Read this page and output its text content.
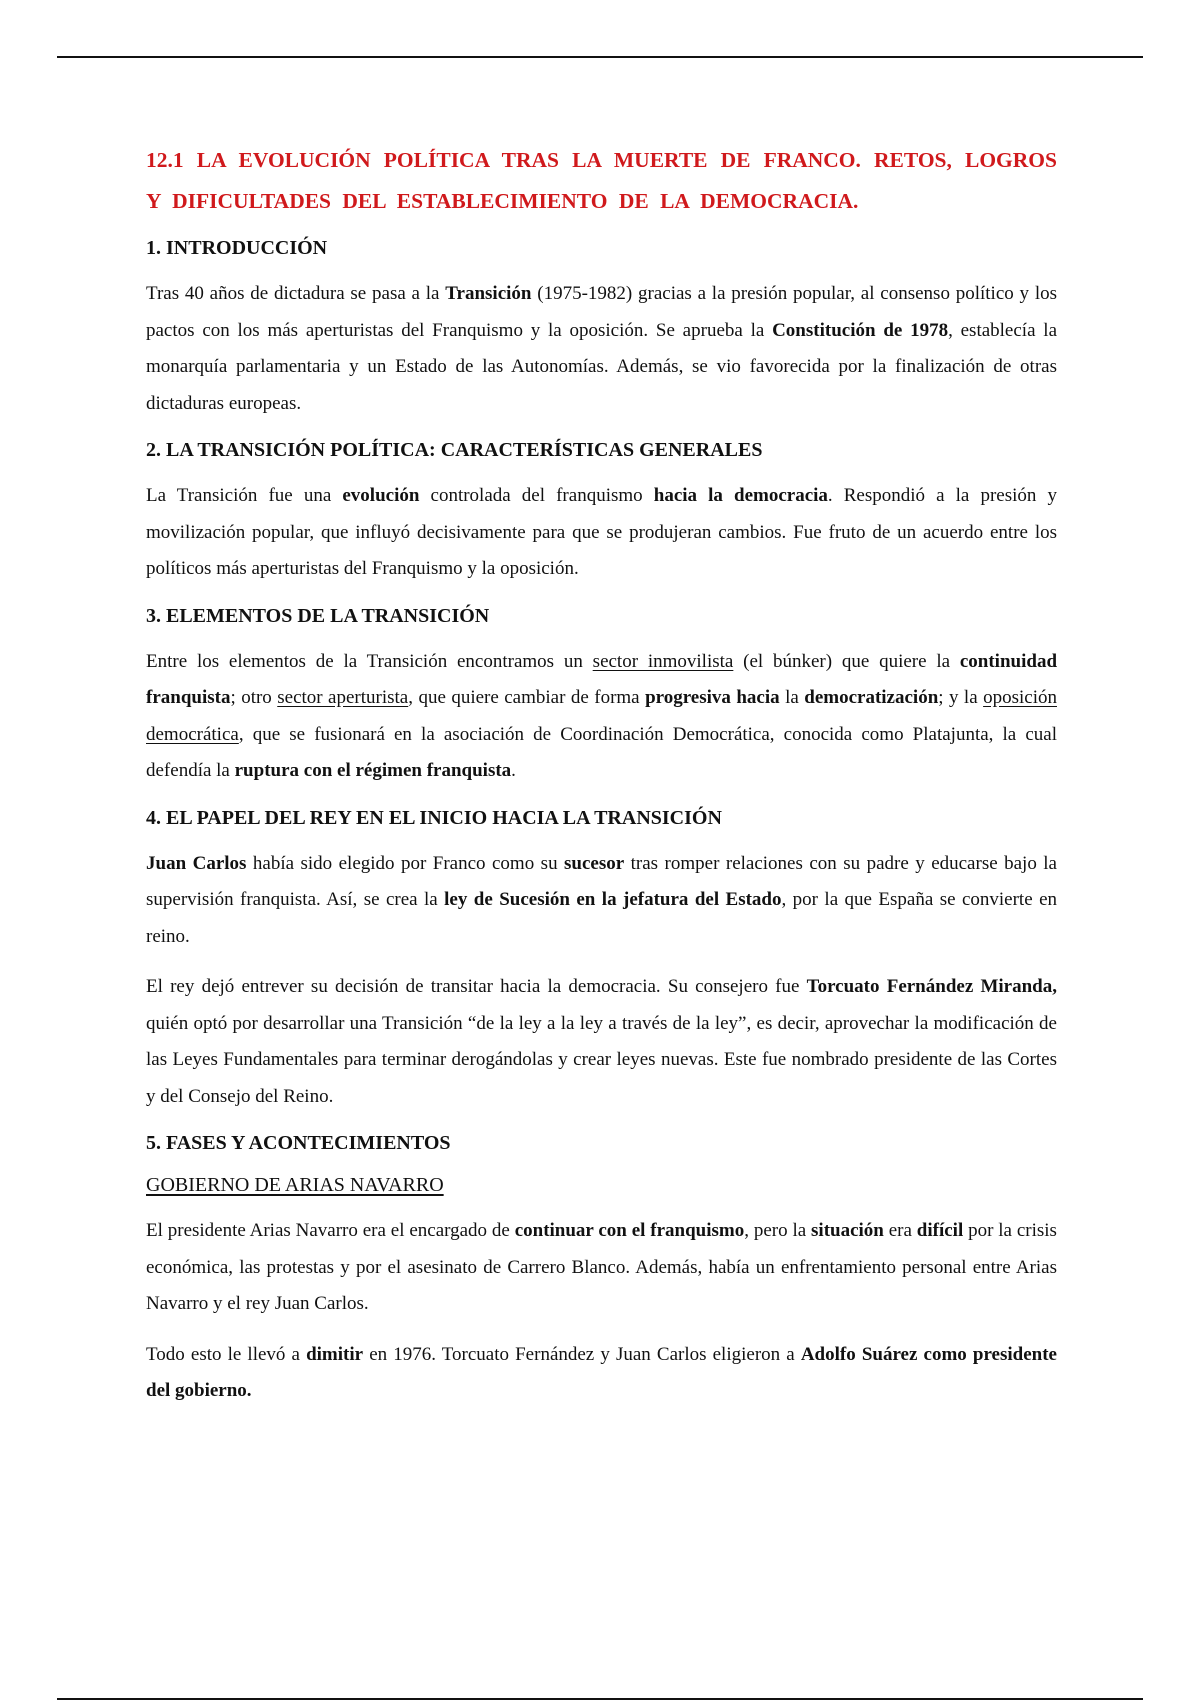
12.1 LA EVOLUCIÓN POLÍTICA TRAS LA MUERTE DE FRANCO. RETOS, LOGROS Y DIFICULTADES DEL ESTABLECIMIENTO DE LA DEMOCRACIA.
1. INTRODUCCIÓN
Tras 40 años de dictadura se pasa a la Transición (1975-1982) gracias a la presión popular, al consenso político y los pactos con los más aperturistas del Franquismo y la oposición. Se aprueba la Constitución de 1978, establecía la monarquía parlamentaria y un Estado de las Autonomías. Además, se vio favorecida por la finalización de otras dictaduras europeas.
2. LA TRANSICIÓN POLÍTICA: CARACTERÍSTICAS GENERALES
La Transición fue una evolución controlada del franquismo hacia la democracia. Respondió a la presión y movilización popular, que influyó decisivamente para que se produjeran cambios. Fue fruto de un acuerdo entre los políticos más aperturistas del Franquismo y la oposición.
3. ELEMENTOS DE LA TRANSICIÓN
Entre los elementos de la Transición encontramos un sector inmovilista (el búnker) que quiere la continuidad franquista; otro sector aperturista, que quiere cambiar de forma progresiva hacia la democratización; y la oposición democrática, que se fusionará en la asociación de Coordinación Democrática, conocida como Platajunta, la cual defendía la ruptura con el régimen franquista.
4. EL PAPEL DEL REY EN EL INICIO HACIA LA TRANSICIÓN
Juan Carlos había sido elegido por Franco como su sucesor tras romper relaciones con su padre y educarse bajo la supervisión franquista. Así, se crea la ley de Sucesión en la jefatura del Estado, por la que España se convierte en reino.
El rey dejó entrever su decisión de transitar hacia la democracia. Su consejero fue Torcuato Fernández Miranda, quién optó por desarrollar una Transición “de la ley a la ley a través de la ley”, es decir, aprovechar la modificación de las Leyes Fundamentales para terminar derogándolas y crear leyes nuevas. Este fue nombrado presidente de las Cortes y del Consejo del Reino.
5. FASES Y ACONTECIMIENTOS
GOBIERNO DE ARIAS NAVARRO
El presidente Arias Navarro era el encargado de continuar con el franquismo, pero la situación era difícil por la crisis económica, las protestas y por el asesinato de Carrero Blanco. Además, había un enfrentamiento personal entre Arias Navarro y el rey Juan Carlos.
Todo esto le llevó a dimitir en 1976. Torcuato Fernández y Juan Carlos eligieron a Adolfo Suárez como presidente del gobierno.
